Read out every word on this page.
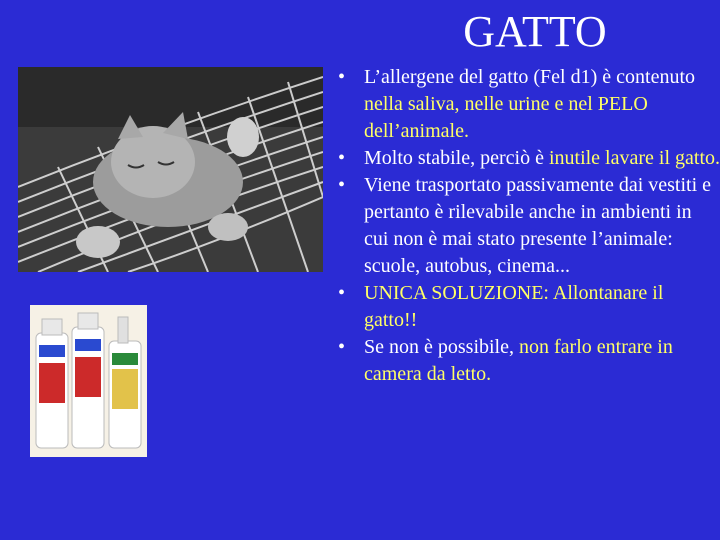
GATTO
• L’allergene del gatto (Fel d1) è contenuto nella saliva, nelle urine e nel PELO dell’animale.
• Molto stabile, perciò è inutile lavare il gatto.
• Viene trasportato passivamente dai vestiti e pertanto è rilevabile anche in ambienti in cui non è mai stato presente l’animale: scuole, autobus, cinema...
• UNICA SOLUZIONE: Allontanare il gatto!!
• Se non è possibile, non farlo entrare in camera da letto.
